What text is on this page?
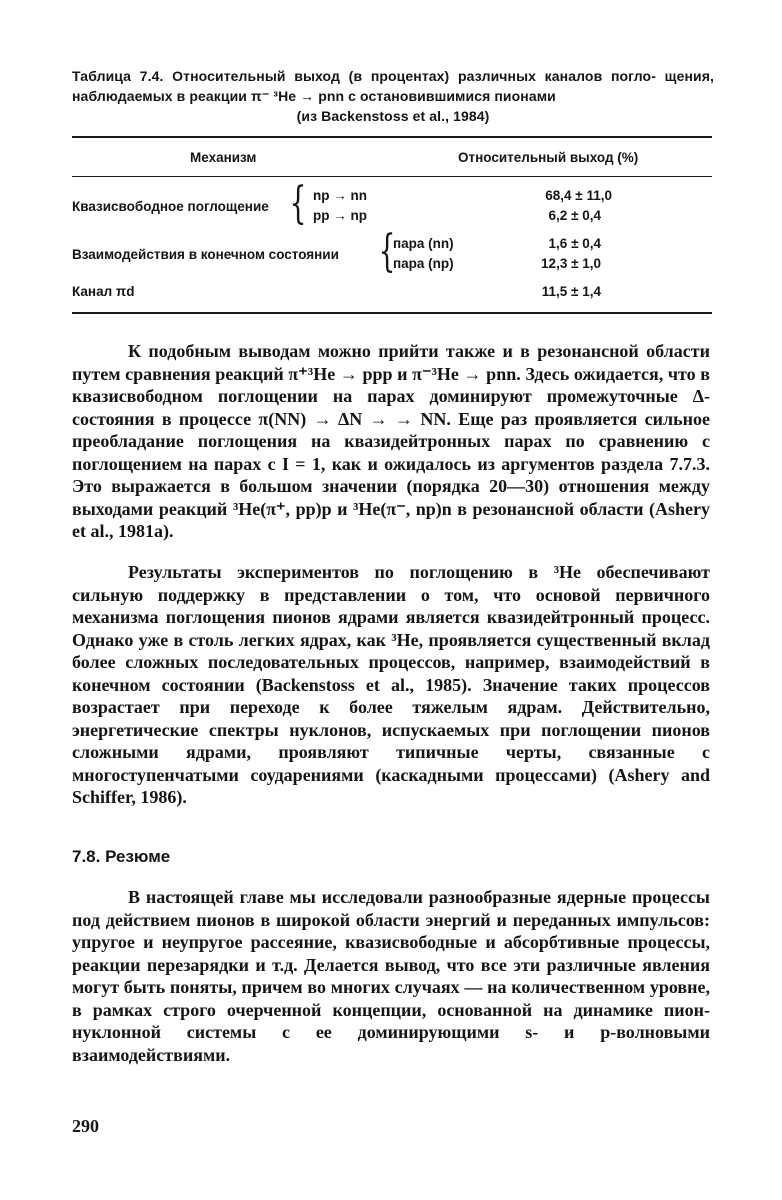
Таблица 7.4. Относительный выход (в процентах) различных каналов погло- щения, наблюдаемых в реакции π⁻ ³He → pnn с остановившимися пионами
(из Backenstoss et al., 1984)
Механизм	Относительный выход (%)
Квазисвободное поглощение { np → nn
pp → np
68,4 ± 11,0
6,2 ± 0,4
Взаимодействия в конечном состоянии {
пара (nn)
пара (np)
1,6 ± 0,4
12,3 ± 1,0
Канал πd	11,5 ± 1,4
К подобным выводам можно прийти также и в резонансной области путем сравнения реакций π⁺³He → ppp и π⁻³He → pnn. Здесь ожидается, что в квазисвободном поглощении на парах доминируют промежуточные Δ-состояния в процессе π(NN) → ΔN → → NN. Еще раз проявляется сильное преобладание поглощения на квазидейтронных парах по сравнению с поглощением на парах с I = 1, как и ожидалось из аргументов раздела 7.7.3. Это выражается в большом значении (порядка 20—30) отношения между выходами реакций ³He(π⁺, pp)p и ³He(π⁻, np)n в резонансной области (Ashery et al., 1981a).
Результаты экспериментов по поглощению в ³He обеспечивают сильную поддержку в представлении о том, что основой первичного механизма поглощения пионов ядрами является квазидейтронный процесс. Однако уже в столь легких ядрах, как ³He, проявляется существенный вклад более сложных последовательных процессов, например, взаимодействий в конечном состоянии (Backenstoss et al., 1985). Значение таких процессов возрастает при переходе к более тяжелым ядрам. Действительно, энергетические спектры нуклонов, испускаемых при поглощении пионов сложными ядрами, проявляют типичные черты, связанные с многоступенчатыми соударениями (каскадными процессами) (Ashery and Schiffer, 1986).
7.8. Резюме
В настоящей главе мы исследовали разнообразные ядерные процессы под действием пионов в широкой области энергий и переданных импульсов: упругое и неупругое рассеяние, квазисвободные и абсорбтивные процессы, реакции перезарядки и т.д. Делается вывод, что все эти различные явления могут быть поняты, причем во многих случаях — на количественном уровне, в рамках строго очерченной концепции, основанной на динамике пион-нуклонной системы с ее доминирующими s- и p-волновыми взаимодействиями.
290
